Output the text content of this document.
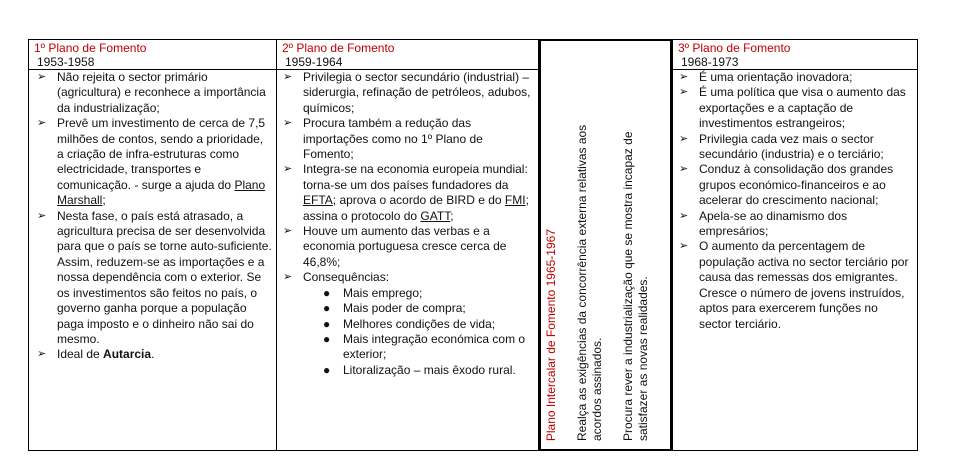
1º Plano de Fomento
1953-1958
➢ Não rejeita o sector primário (agricultura) e reconhece a importância da industrialização;
➢ Prevê um investimento de cerca de 7,5 milhões de contos, sendo a prioridade, a criação de infra-estruturas como electricidade, transportes e comunicação. - surge a ajuda do Plano Marshall;
➢ Nesta fase, o país está atrasado, a agricultura precisa de ser desenvolvida para que o país se torne auto-suficiente. Assim, reduzem-se as importações e a nossa dependência com o exterior. Se os investimentos são feitos no país, o governo ganha porque a população paga imposto e o dinheiro não sai do mesmo.
➢ Ideal de Autarcia.
2º Plano de Fomento
1959-1964
➢ Privilegia o sector secundário (industrial) – siderurgia, refinação de petróleos, adubos, químicos;
➢ Procura também a redução das importações como no 1º Plano de Fomento;
➢ Integra-se na economia europeia mundial: torna-se um dos países fundadores da EFTA; aprova o acordo de BIRD e do FMI; assina o protocolo do GATT;
➢ Houve um aumento das verbas e a economia portuguesa cresce cerca de 46,8%;
➢ Consequências:
● Mais emprego;
● Mais poder de compra;
● Melhores condições de vida;
● Mais integração económica com o exterior;
● Litoralização – mais êxodo rural.	Plano Intercalar de Fomento 1965-1967 Realça as exigências da concorrência externa relativas aos acordos assinados. Procura rever a industrialização que se mostra incapaz de satisfazer as novas realidades.
3º Plano de Fomento
1968-1973
➢ É uma orientação inovadora;
➢ É uma política que visa o aumento das exportações e a captação de investimentos estrangeiros;
➢ Privilegia cada vez mais o sector secundário (industria) e o terciário;
➢ Conduz à consolidação dos grandes grupos económico-financeiros e ao acelerar do crescimento nacional;
➢ Apela-se ao dinamismo dos empresários;
➢ O aumento da percentagem de população activa no sector terciário por causa das remessas dos emigrantes. Cresce o número de jovens instruídos, aptos para exercerem funções no sector terciário.
